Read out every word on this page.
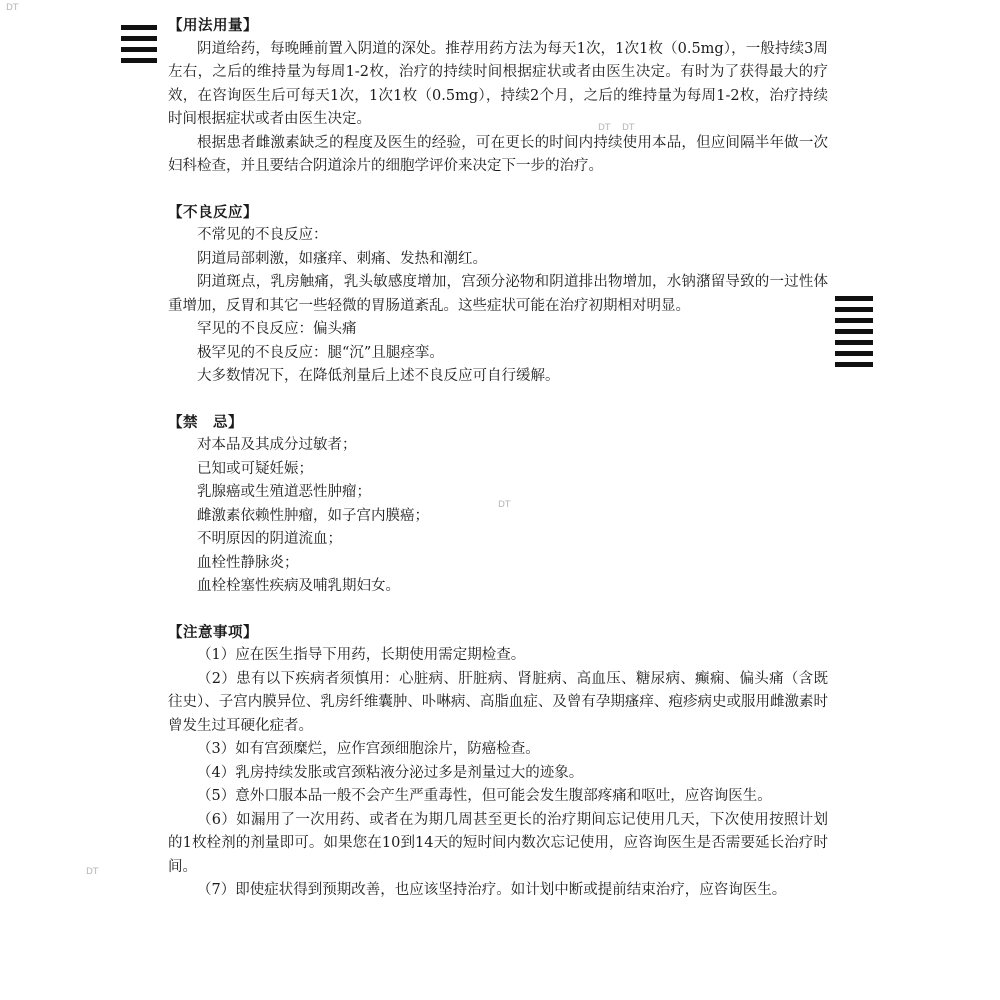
DT
DT DT
DT
DT

【用法用量】

阴道给药，每晚睡前置入阴道的深处。推荐用药方法为每天1次，1次1枚（0.5mg），一般持续3周左右，之后的维持量为每周1-2枚，治疗的持续时间根据症状或者由医生决定。有时为了获得最大的疗效，在咨询医生后可每天1次，1次1枚（0.5mg），持续2个月，之后的维持量为每周1-2枚，治疗持续时间根据症状或者由医生决定。

根据患者雌激素缺乏的程度及医生的经验，可在更长的时间内持续使用本品，但应间隔半年做一次妇科检查，并且要结合阴道涂片的细胞学评价来决定下一步的治疗。

【不良反应】

不常见的不良反应：

阴道局部刺激，如瘙痒、刺痛、发热和潮红。

阴道斑点，乳房触痛，乳头敏感度增加，宫颈分泌物和阴道排出物增加，水钠潴留导致的一过性体重增加，反胃和其它一些轻微的胃肠道紊乱。这些症状可能在治疗初期相对明显。

罕见的不良反应：偏头痛

极罕见的不良反应：腿“沉”且腿痉挛。

大多数情况下，在降低剂量后上述不良反应可自行缓解。

【禁　忌】

对本品及其成分过敏者；

已知或可疑妊娠；

乳腺癌或生殖道恶性肿瘤；

雌激素依赖性肿瘤，如子宫内膜癌；

不明原因的阴道流血；

血栓性静脉炎；

血栓栓塞性疾病及哺乳期妇女。

【注意事项】

（1）应在医生指导下用药，长期使用需定期检查。

（2）患有以下疾病者须慎用：心脏病、肝脏病、肾脏病、高血压、糖尿病、癫痫、偏头痛（含既往史）、子宫内膜异位、乳房纤维囊肿、卟啉病、高脂血症、及曾有孕期瘙痒、疱疹病史或服用雌激素时曾发生过耳硬化症者。

（3）如有宫颈糜烂，应作宫颈细胞涂片，防癌检查。

（4）乳房持续发胀或宫颈粘液分泌过多是剂量过大的迹象。

（5）意外口服本品一般不会产生严重毒性，但可能会发生腹部疼痛和呕吐，应咨询医生。

（6）如漏用了一次用药、或者在为期几周甚至更长的治疗期间忘记使用几天，下次使用按照计划的1枚栓剂的剂量即可。如果您在10到14天的短时间内数次忘记使用，应咨询医生是否需要延长治疗时间。

（7）即使症状得到预期改善，也应该坚持治疗。如计划中断或提前结束治疗，应咨询医生。
